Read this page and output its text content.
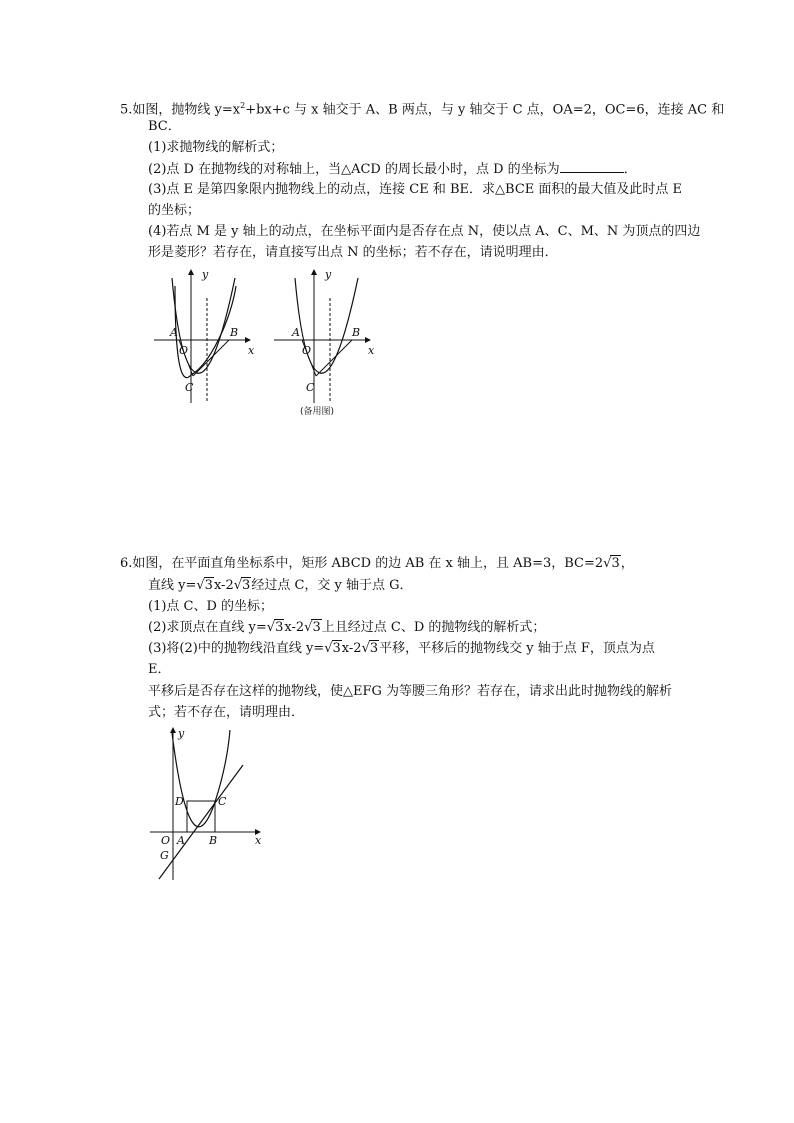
5.如图，抛物线 $y=x^2+bx+c$ 与 x 轴交于 A、B 两点，与 y 轴交于 C 点，OA=2，OC=6，连接 AC 和
BC．
(1)求抛物线的解析式；
(2)点 D 在抛物线的对称轴上，当△ACD 的周长最小时，点 D 的坐标为	．
(3)点 E 是第四象限内抛物线上的动点，连接 CE 和 BE．求△BCE 面积的最大值及此时点 E
的坐标；
(4)若点 M 是 y 轴上的动点，在坐标平面内是否存在点 N，使以点 A、C、M、N 为顶点的四边
形是菱形？若存在，请直接写出点 N 的坐标；若不存在，请说明理由．
y
x
A	B
O
C
y
x
A	B
O
C
(备用图)
6.如图，在平面直角坐标系中，矩形 ABCD 的边 AB 在 x 轴上，且 AB=3，BC=2√3，
直线 y=√3x-2√3经过点 C，交 y 轴于点 G．
(1)点 C、D 的坐标；
(2)求顶点在直线 y=√3x-2√3上且经过点 C、D 的抛物线的解析式；
(3)将(2)中的抛物线沿直线 y=√3x-2√3平移，平移后的抛物线交 y 轴于点 F，顶点为点
E．
平移后是否存在这样的抛物线，使△EFG 为等腰三角形？若存在，请求出此时抛物线的解析
式；若不存在，请明理由．
y
x
D	C
O A B
G
